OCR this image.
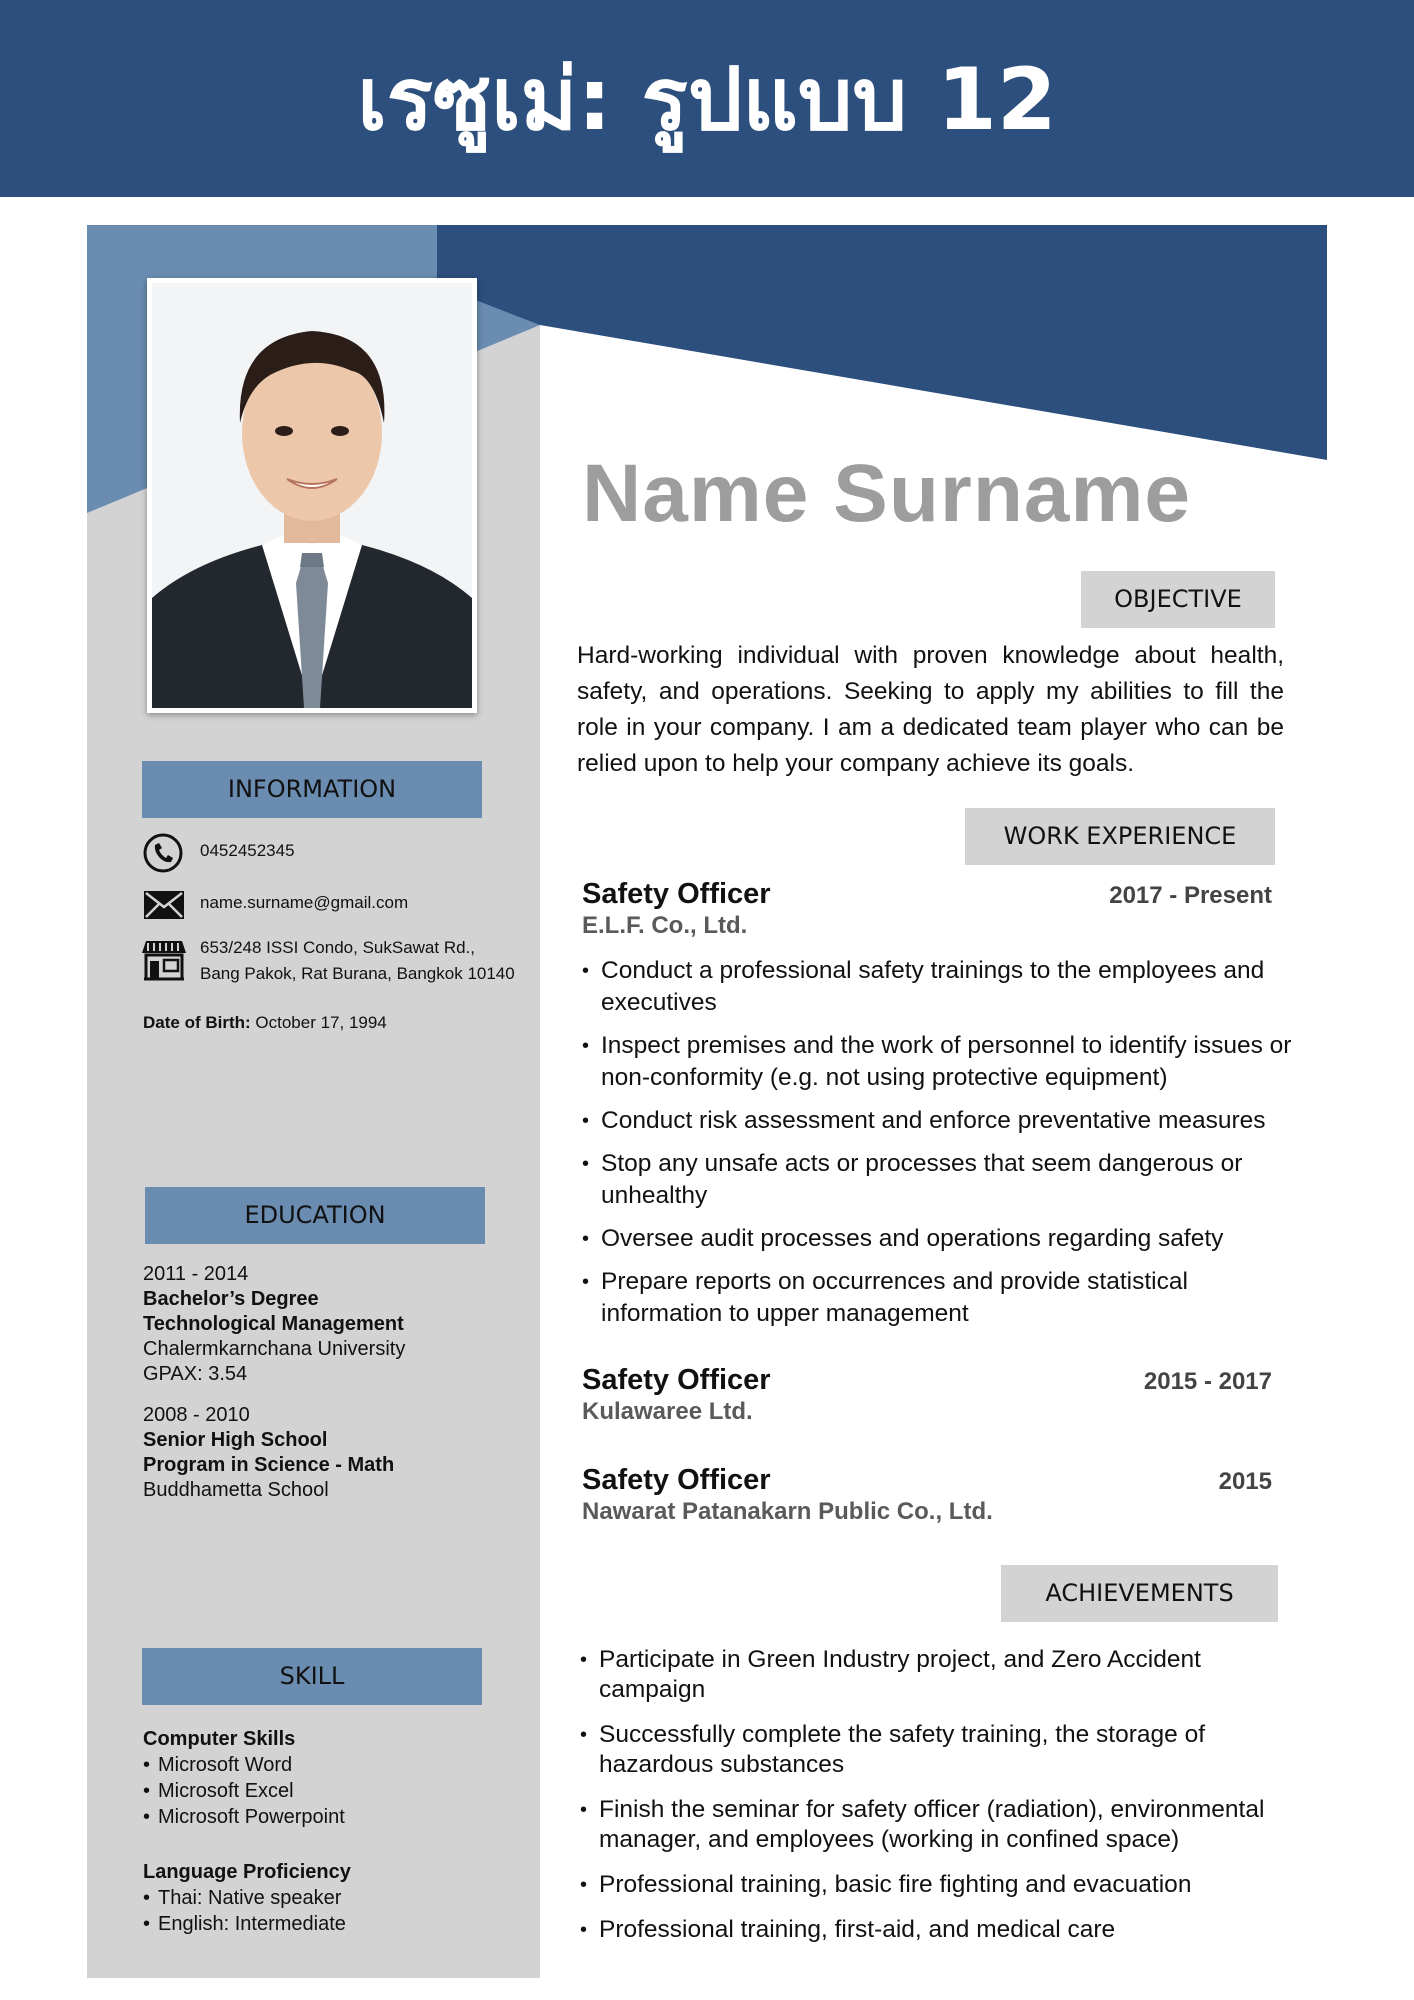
เรซูเม่: รูปแบบ 12
INFORMATION
0452452345
name.surname@gmail.com
653/248 ISSI Condo, SukSawat Rd.,
Bang Pakok, Rat Burana, Bangkok 10140
Date of Birth: October 17, 1994
EDUCATION
2011 - 2014
Bachelor’s Degree
Technological Management
Chalermkarnchana University
GPAX: 3.54
2008 - 2010
Senior High School
Program in Science - Math
Buddhametta School
SKILL
Computer Skills
• Microsoft Word
• Microsoft Excel
• Microsoft Powerpoint
Language Proficiency
• Thai: Native speaker
• English: Intermediate
Name Surname
OBJECTIVE
Hard-working individual with proven knowledge about health, safety, and operations. Seeking to apply my abilities to fill the role in your company. I am a dedicated team player who can be relied upon to help your company achieve its goals.
WORK EXPERIENCE
Safety Officer	2017 - Present
E.L.F. Co., Ltd.
• Conduct a professional safety trainings to the employees and executives
• Inspect premises and the work of personnel to identify issues or non-conformity (e.g. not using protective equipment)
• Conduct risk assessment and enforce preventative measures
• Stop any unsafe acts or processes that seem dangerous or unhealthy
• Oversee audit processes and operations regarding safety
• Prepare reports on occurrences and provide statistical information to upper management
Safety Officer	2015 - 2017
Kulawaree Ltd.
Safety Officer	2015
Nawarat Patanakarn Public Co., Ltd.
ACHIEVEMENTS
• Participate in Green Industry project, and Zero Accident campaign
• Successfully complete the safety training, the storage of hazardous substances
• Finish the seminar for safety officer (radiation), environmental manager, and employees (working in confined space)
• Professional training, basic fire fighting and evacuation
• Professional training, first-aid, and medical care
